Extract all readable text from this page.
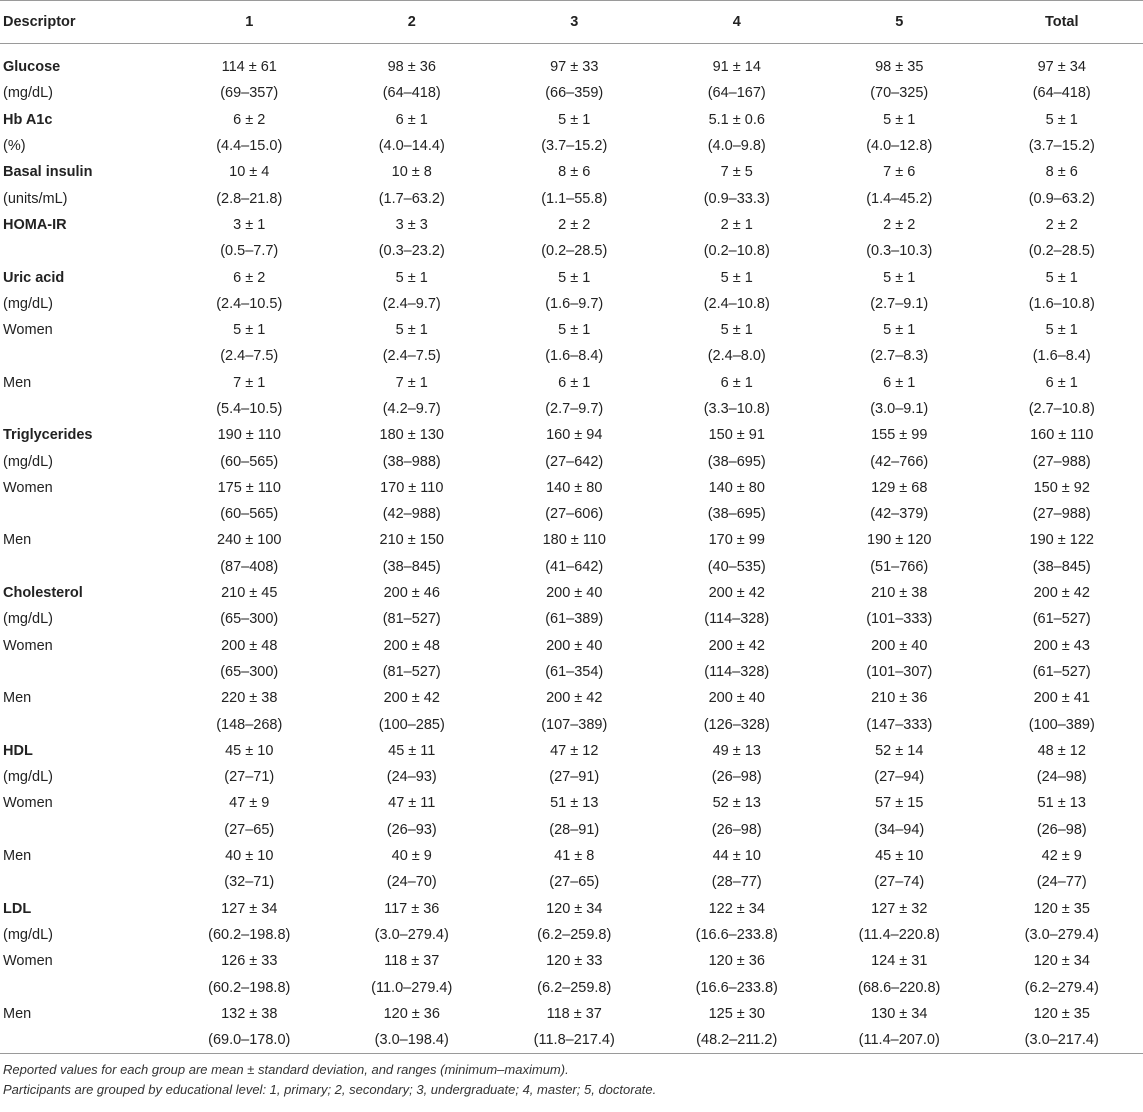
Descriptor	1	2	3	4	5	Total

Glucose	114 ± 61	98 ± 36	97 ± 33	91 ± 14	98 ± 35	97 ± 34
(mg/dL)	(69–357)	(64–418)	(66–359)	(64–167)	(70–325)	(64–418)
Hb A1c	6 ± 2	6 ± 1	5 ± 1	5.1 ± 0.6	5 ± 1	5 ± 1
(%)	(4.4–15.0)	(4.0–14.4)	(3.7–15.2)	(4.0–9.8)	(4.0–12.8)	(3.7–15.2)
Basal insulin	10 ± 4	10 ± 8	8 ± 6	7 ± 5	7 ± 6	8 ± 6
(units/mL)	(2.8–21.8)	(1.7–63.2)	(1.1–55.8)	(0.9–33.3)	(1.4–45.2)	(0.9–63.2)
HOMA-IR	3 ± 1	3 ± 3	2 ± 2	2 ± 1	2 ± 2	2 ± 2
	(0.5–7.7)	(0.3–23.2)	(0.2–28.5)	(0.2–10.8)	(0.3–10.3)	(0.2–28.5)
Uric acid	6 ± 2	5 ± 1	5 ± 1	5 ± 1	5 ± 1	5 ± 1
(mg/dL)	(2.4–10.5)	(2.4–9.7)	(1.6–9.7)	(2.4–10.8)	(2.7–9.1)	(1.6–10.8)
Women	5 ± 1	5 ± 1	5 ± 1	5 ± 1	5 ± 1	5 ± 1
	(2.4–7.5)	(2.4–7.5)	(1.6–8.4)	(2.4–8.0)	(2.7–8.3)	(1.6–8.4)
Men	7 ± 1	7 ± 1	6 ± 1	6 ± 1	6 ± 1	6 ± 1
	(5.4–10.5)	(4.2–9.7)	(2.7–9.7)	(3.3–10.8)	(3.0–9.1)	(2.7–10.8)
Triglycerides	190 ± 110	180 ± 130	160 ± 94	150 ± 91	155 ± 99	160 ± 110
(mg/dL)	(60–565)	(38–988)	(27–642)	(38–695)	(42–766)	(27–988)
Women	175 ± 110	170 ± 110	140 ± 80	140 ± 80	129 ± 68	150 ± 92
	(60–565)	(42–988)	(27–606)	(38–695)	(42–379)	(27–988)
Men	240 ± 100	210 ± 150	180 ± 110	170 ± 99	190 ± 120	190 ± 122
	(87–408)	(38–845)	(41–642)	(40–535)	(51–766)	(38–845)
Cholesterol	210 ± 45	200 ± 46	200 ± 40	200 ± 42	210 ± 38	200 ± 42
(mg/dL)	(65–300)	(81–527)	(61–389)	(114–328)	(101–333)	(61–527)
Women	200 ± 48	200 ± 48	200 ± 40	200 ± 42	200 ± 40	200 ± 43
	(65–300)	(81–527)	(61–354)	(114–328)	(101–307)	(61–527)
Men	220 ± 38	200 ± 42	200 ± 42	200 ± 40	210 ± 36	200 ± 41
	(148–268)	(100–285)	(107–389)	(126–328)	(147–333)	(100–389)
HDL	45 ± 10	45 ± 11	47 ± 12	49 ± 13	52 ± 14	48 ± 12
(mg/dL)	(27–71)	(24–93)	(27–91)	(26–98)	(27–94)	(24–98)
Women	47 ± 9	47 ± 11	51 ± 13	52 ± 13	57 ± 15	51 ± 13
	(27–65)	(26–93)	(28–91)	(26–98)	(34–94)	(26–98)
Men	40 ± 10	40 ± 9	41 ± 8	44 ± 10	45 ± 10	42 ± 9
	(32–71)	(24–70)	(27–65)	(28–77)	(27–74)	(24–77)
LDL	127 ± 34	117 ± 36	120 ± 34	122 ± 34	127 ± 32	120 ± 35
(mg/dL)	(60.2–198.8)	(3.0–279.4)	(6.2–259.8)	(16.6–233.8)	(11.4–220.8)	(3.0–279.4)
Women	126 ± 33	118 ± 37	120 ± 33	120 ± 36	124 ± 31	120 ± 34
	(60.2–198.8)	(11.0–279.4)	(6.2–259.8)	(16.6–233.8)	(68.6–220.8)	(6.2–279.4)
Men	132 ± 38	120 ± 36	118 ± 37	125 ± 30	130 ± 34	120 ± 35
	(69.0–178.0)	(3.0–198.4)	(11.8–217.4)	(48.2–211.2)	(11.4–207.0)	(3.0–217.4)

Reported values for each group are mean ± standard deviation, and ranges (minimum–maximum).

Participants are grouped by educational level: 1, primary; 2, secondary; 3, undergraduate; 4, master; 5, doctorate.
